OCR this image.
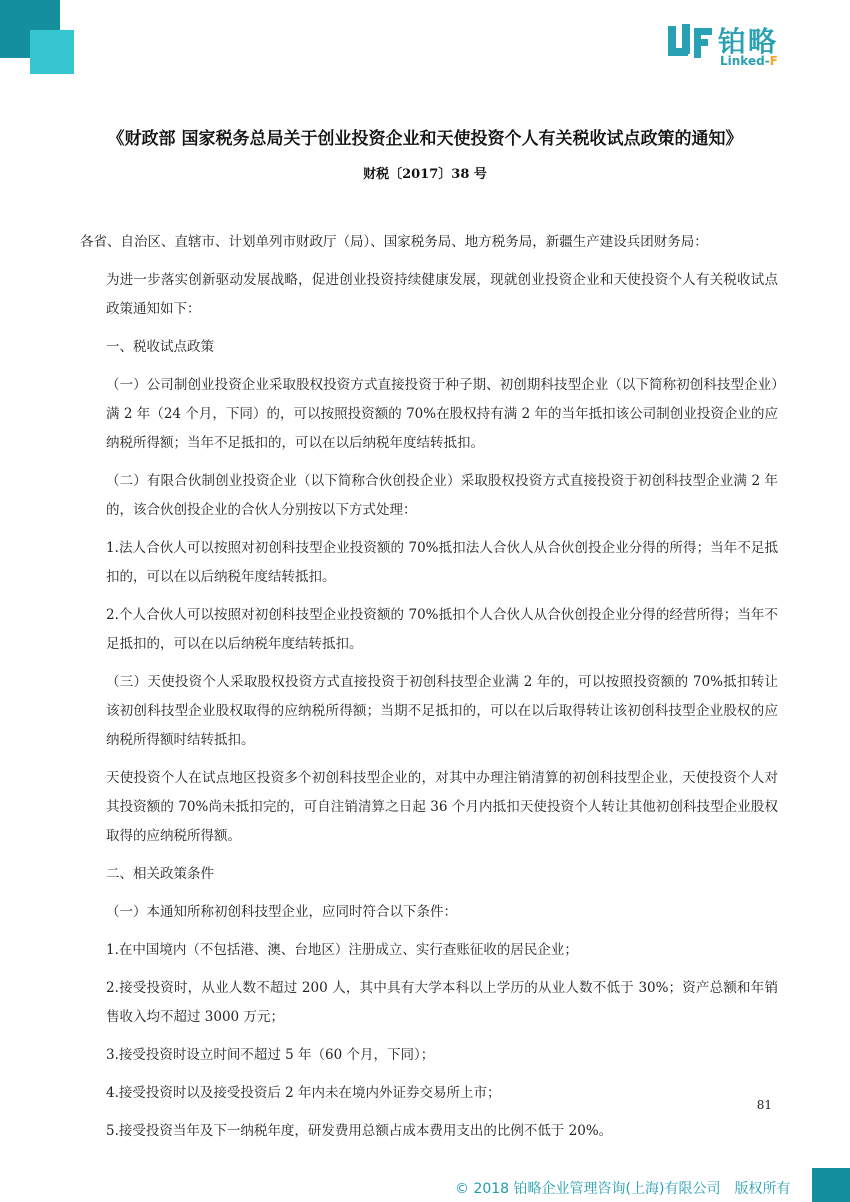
铂略
Linked-F
《财政部 国家税务总局关于创业投资企业和天使投资个人有关税收试点政策的通知》
财税〔2017〕38 号

各省、自治区、直辖市、计划单列市财政厅（局）、国家税务局、地方税务局，新疆生产建设兵团财务局：

为进一步落实创新驱动发展战略，促进创业投资持续健康发展，现就创业投资企业和天使投资个人有关税收试点政策通知如下：

一、税收试点政策

（一）公司制创业投资企业采取股权投资方式直接投资于种子期、初创期科技型企业（以下简称初创科技型企业）满 2 年（24 个月，下同）的，可以按照投资额的 70%在股权持有满 2 年的当年抵扣该公司制创业投资企业的应纳税所得额；当年不足抵扣的，可以在以后纳税年度结转抵扣。

（二）有限合伙制创业投资企业（以下简称合伙创投企业）采取股权投资方式直接投资于初创科技型企业满 2 年的，该合伙创投企业的合伙人分别按以下方式处理：

1.法人合伙人可以按照对初创科技型企业投资额的 70%抵扣法人合伙人从合伙创投企业分得的所得；当年不足抵扣的，可以在以后纳税年度结转抵扣。

2.个人合伙人可以按照对初创科技型企业投资额的 70%抵扣个人合伙人从合伙创投企业分得的经营所得；当年不足抵扣的，可以在以后纳税年度结转抵扣。

（三）天使投资个人采取股权投资方式直接投资于初创科技型企业满 2 年的，可以按照投资额的 70%抵扣转让该初创科技型企业股权取得的应纳税所得额；当期不足抵扣的，可以在以后取得转让该初创科技型企业股权的应纳税所得额时结转抵扣。

天使投资个人在试点地区投资多个初创科技型企业的，对其中办理注销清算的初创科技型企业，天使投资个人对其投资额的 70%尚未抵扣完的，可自注销清算之日起 36 个月内抵扣天使投资个人转让其他初创科技型企业股权取得的应纳税所得额。

二、相关政策条件

（一）本通知所称初创科技型企业，应同时符合以下条件：

1.在中国境内（不包括港、澳、台地区）注册成立、实行查账征收的居民企业；

2.接受投资时，从业人数不超过 200 人，其中具有大学本科以上学历的从业人数不低于 30%；资产总额和年销售收入均不超过 3000 万元；

3.接受投资时设立时间不超过 5 年（60 个月，下同）；

4.接受投资时以及接受投资后 2 年内未在境内外证券交易所上市；

5.接受投资当年及下一纳税年度，研发费用总额占成本费用支出的比例不低于 20%。

81
© 2018 铂略企业管理咨询(上海)有限公司　版权所有
